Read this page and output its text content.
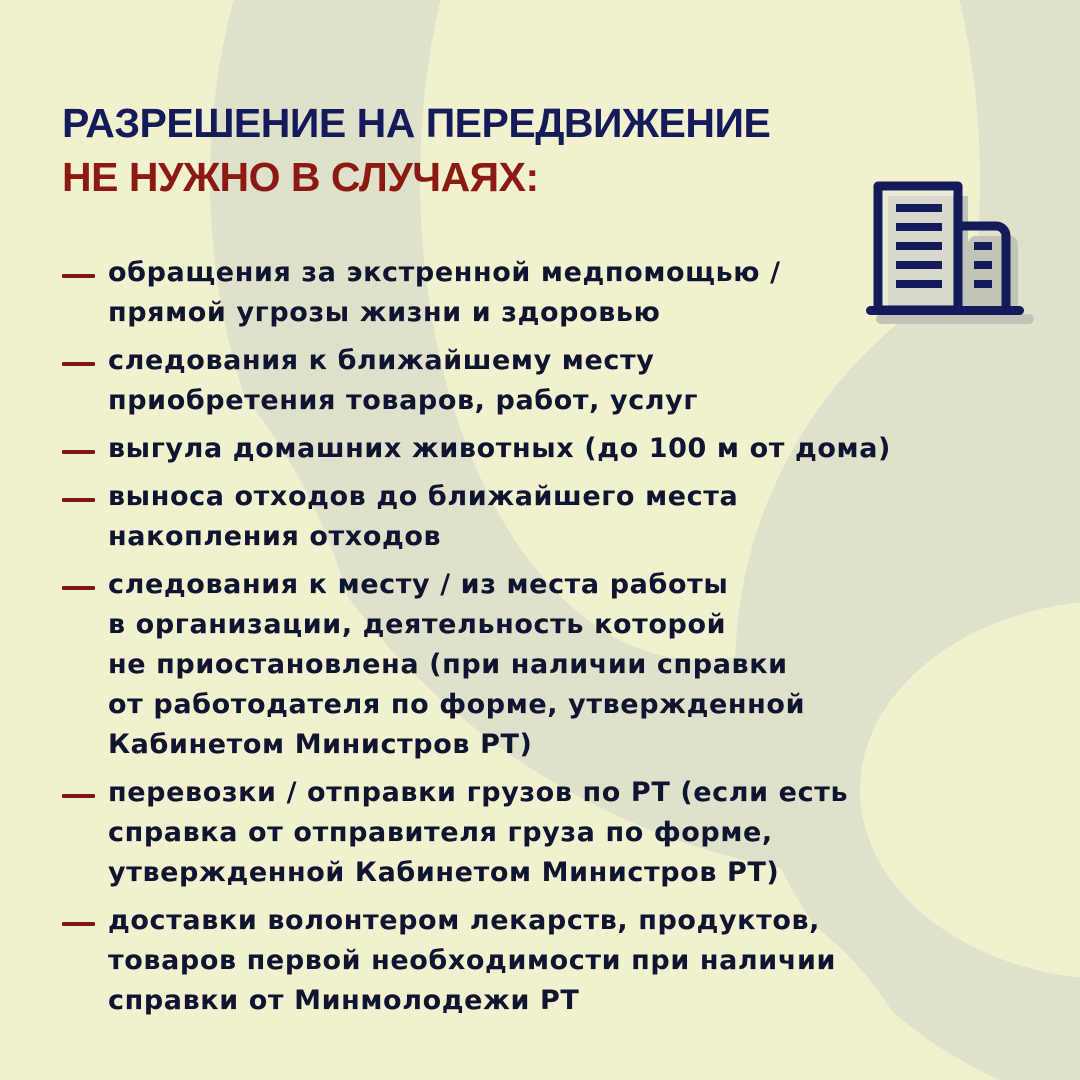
РАЗРЕШЕНИЕ НА ПЕРЕДВИЖЕНИЕ
НЕ НУЖНО В СЛУЧАЯХ:
обращения за экстренной медпомощью /
прямой угрозы жизни и здоровью
следования к ближайшему месту
приобретения товаров, работ, услуг
выгула домашних животных (до 100 м от дома)
выноса отходов до ближайшего места
накопления отходов
следования к месту / из места работы
в организации, деятельность которой
не приостановлена (при наличии справки
от работодателя по форме, утвержденной
Кабинетом Министров РТ)
перевозки / отправки грузов по РТ (если есть
справка от отправителя груза по форме,
утвержденной Кабинетом Министров РТ)
доставки волонтером лекарств, продуктов,
товаров первой необходимости при наличии
справки от Минмолодежи РТ
